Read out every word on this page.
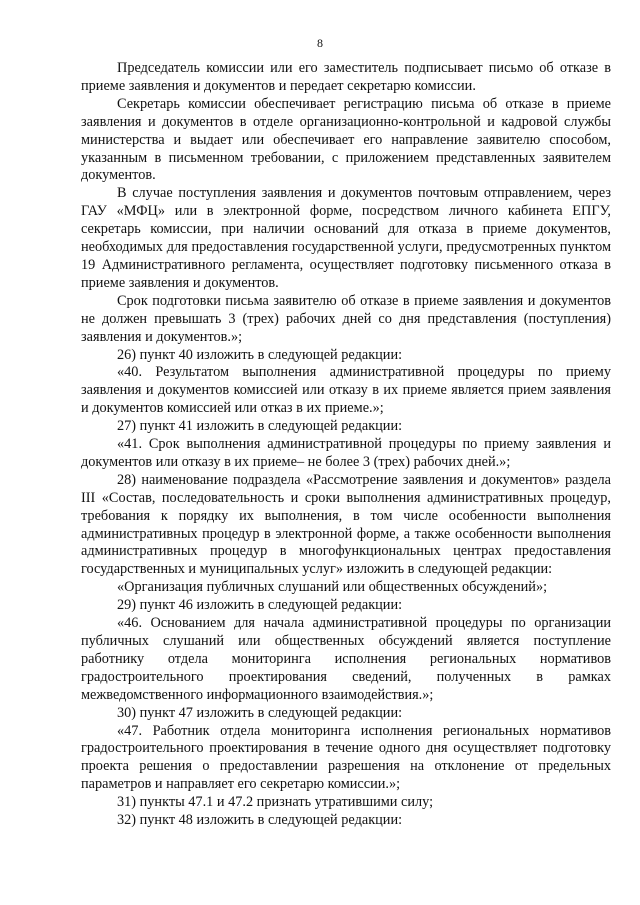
8

Председатель комиссии или его заместитель подписывает письмо об отказе в приеме заявления и документов и передает секретарю комиссии.

Секретарь комиссии обеспечивает регистрацию письма об отказе в приеме заявления и документов в отделе организационно-контрольной и кадровой службы министерства и выдает или обеспечивает его направление заявителю способом, указанным в письменном требовании, с приложением представленных заявителем документов.

В случае поступления заявления и документов почтовым отправлением, через ГАУ «МФЦ» или в электронной форме, посредством личного кабинета ЕПГУ, секретарь комиссии, при наличии оснований для отказа в приеме документов, необходимых для предоставления государственной услуги, предусмотренных пунктом 19 Административного регламента, осуществляет подготовку письменного отказа в приеме заявления и документов.

Срок подготовки письма заявителю об отказе в приеме заявления и документов не должен превышать 3 (трех) рабочих дней со дня представления (поступления) заявления и документов.»;

26) пункт 40 изложить в следующей редакции:

«40. Результатом выполнения административной процедуры по приему заявления и документов комиссией или отказу в их приеме является прием заявления и документов комиссией или отказ в их приеме.»;

27) пункт 41 изложить в следующей редакции:

«41. Срок выполнения административной процедуры по приему заявления и документов или отказу в их приеме– не более 3 (трех) рабочих дней.»;

28) наименование подраздела «Рассмотрение заявления и документов» раздела III «Состав, последовательность и сроки выполнения административных процедур, требования к порядку их выполнения, в том числе особенности выполнения административных процедур в электронной форме, а также особенности выполнения административных процедур в многофункциональных центрах предоставления государственных и муниципальных услуг» изложить в следующей редакции:

«Организация публичных слушаний или общественных обсуждений»;

29) пункт 46 изложить в следующей редакции:

«46. Основанием для начала административной процедуры по организации публичных слушаний или общественных обсуждений является поступление работнику отдела мониторинга исполнения региональных нормативов градостроительного проектирования сведений, полученных в рамках межведомственного информационного взаимодействия.»;

30) пункт 47 изложить в следующей редакции:

«47. Работник отдела мониторинга исполнения региональных нормативов градостроительного проектирования в течение одного дня осуществляет подготовку проекта решения о предоставлении разрешения на отклонение от предельных параметров и направляет его секретарю комиссии.»;

31) пункты 47.1 и 47.2 признать утратившими силу;

32) пункт 48 изложить в следующей редакции:
